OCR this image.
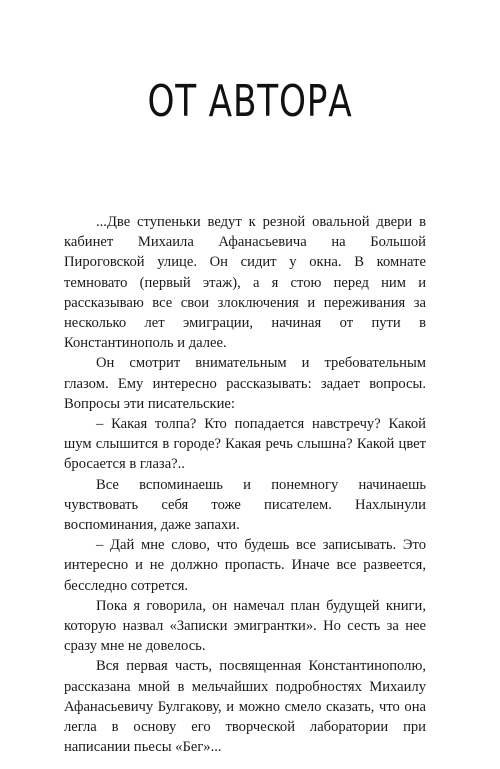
ОТ АВТОРА

...Две ступеньки ведут к резной овальной двери в кабинет Михаила Афанасьевича на Большой Пироговской улице. Он сидит у окна. В комнате темновато (первый этаж), а я стою перед ним и рассказываю все свои злоключения и переживания за несколько лет эмиграции, начиная от пути в Константинополь и далее.

Он смотрит внимательным и требовательным глазом. Ему интересно рассказывать: задает вопросы. Вопросы эти писательские:

– Какая толпа? Кто попадается навстречу? Какой шум слышится в городе? Какая речь слышна? Какой цвет бросается в глаза?..

Все вспоминаешь и понемногу начинаешь чувствовать себя тоже писателем. Нахлынули воспоминания, даже запахи.

– Дай мне слово, что будешь все записывать. Это интересно и не должно пропасть. Иначе все развеется, бесследно сотрется.

Пока я говорила, он намечал план будущей книги, которую назвал «Записки эмигрантки». Но сесть за нее сразу мне не довелось.

Вся первая часть, посвященная Константинополю, рассказана мной в мельчайших подробностях Михаилу Афанасьевичу Булгакову, и можно смело сказать, что она легла в основу его творческой лаборатории при написании пьесы «Бег»...
